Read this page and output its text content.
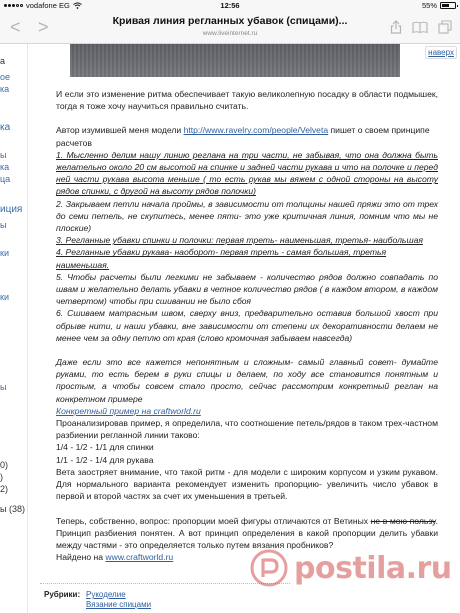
vodafone EG	12:56	55%
< >	Кривая линия регланных убавок (спицами)...
www.liveinternet.ru
а
ое
ка
ка
ы
ка
ца
иция
ы
ки
ки
ы
0)
)
2)
ы (38)
наверх

И если это изменение ритма обеспечивает такую великолепную посадку в области подмышек, тогда я тоже хочу научиться правильно считать.

Автор изумившей меня модели http://www.ravelry.com/people/Velveta пишет о своем принципе расчетов

1. Мысленно делим нашу линию реглана на три части, не забывая, что она должна быть желательно около 20 см высотой на спинке и задней части рукава и что на полочке и перед ней части рукава высота меньше ( то есть рукав мы вяжем с одной стороны на высоту рядов спинки, с другой на высоту рядов полочки)

2. Закрываем петли начала проймы, в зависимости от толщины нашей пряжи это от трех до семи петель, не скупитесь, менее пяти- это уже критичная линия, помним что мы не плоские)

3. Регланные убавки спинки и полочки: первая треть- наименьшая, третья- наибольшая

4. Регланные убавки рукава- наоборот- первая треть - самая большая, третья наименьшая.

5. Чтобы расчеты были легкими не забываем - количество рядов должно совпадать по швам и желательно делать убавки в четное количество рядов ( в каждом втором, в каждом четвертом) чтобы при сшивании не было сбоя

6. Сшиваем матрасным швом, сверху вниз, предварительно оставив большой хвост при обрыве нити, и наши убавки, вне зависимости от степени их декоративности делаем не менее чем за одну петлю от края (слово кромочная забываем навсегда)

Даже если это все кажется непонятным и сложным- самый главный совет- думайте руками, то есть берем в руки спицы и делаем, по ходу все становится понятным и простым, а чтобы совсем стало просто, сейчас рассмотрим конкретный реглан на конкретном примере

Конкретный пример на craftworld.ru

Проанализировав пример, я определила, что соотношение петель/рядов в таком трех-частном разбиении регланной линии таково:

1/4 - 1/2 - 1/1 для спинки

1/1 - 1/2 - 1/4 для рукава

Вета заостряет внимание, что такой ритм - для модели с широким корпусом и узким рукавом. Для нормального варианта рекомендует изменить пропорцию- увеличить число убавок в первой и второй частях за счет их уменьшения в третьей.

Теперь, собственно, вопрос: пропорции моей фигуры отличаются от Ветиных не в мою пользу. Принцип разбиения понятен. А вот принцип определения в какой пропорции делить убавки между частями - это определяется только путем вязания пробников?

Найдено на www.craftworld.ru

Рубрики: Рукоделие
Вязание спицами
postila.ru
